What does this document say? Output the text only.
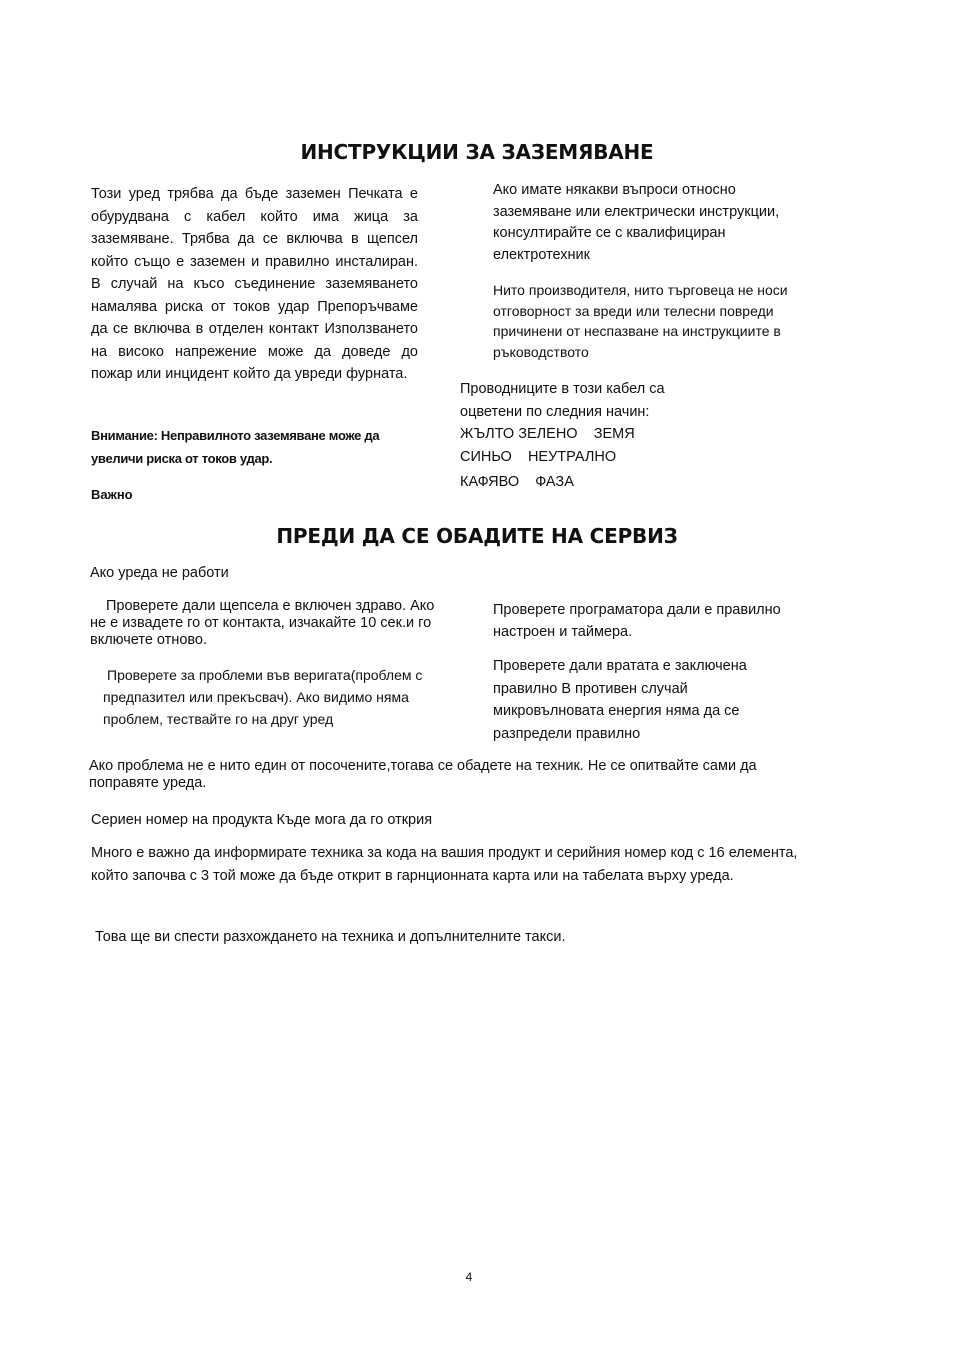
ИНСТРУКЦИИ ЗА ЗАЗЕМЯВАНЕ
Този уред трябва да бъде заземен Печката е обурудвана с кабел който има жица за заземяване. Трябва да се включва в щепсел който също е заземен и правилно инсталиран. В случай на късо съединение заземяването намалява риска от токов удар Препоръчваме да се включва в отделен контакт Използването на високо напрежение може да доведе до пожар или инцидент който да увреди фурната.
Внимание: Неправилното заземяване може да увеличи риска от токов удар.
Важно
Ако имате някакви въпроси относно заземяване или електрически инструкции, консултирайте се с квалифициран електротехник
Нито производителя, нито търговеца не носи отговорност за вреди или телесни повреди причинени от неспазване на инструкциите в ръководството
Проводниците в този кабел са
оцветени по следния начин:
ЖЪЛТО ЗЕЛЕНО    ЗЕМЯ
СИНЬО    НЕУТРАЛНО
КАФЯВО    ФАЗА
ПРЕДИ ДА СЕ ОБАДИТЕ НА СЕРВИЗ
Ако уреда не работи
Проверете дали щепсела е включен здраво. Ако не е извадете го от контакта, изчакайте 10 сек.и го включете отново.
Проверете за проблеми във веригата(проблем с предпазител или прекъсвач). Ако видимо няма проблем, тествайте го на друг уред
Проверете програматора дали е правилно настроен и таймера.
Проверете дали вратата е заключена правилно В противен случай микровълновата енергия няма да се разпредели правилно
Ако проблема не е нито един от посочените,тогава се обадете на техник. Не се опитвайте сами да поправяте уреда.
Сериен номер на продукта Къде мога да го открия
Много е важно да информирате техника за кода на вашия продукт и серийния номер код с 16 елемента, който започва с 3 той може да бъде открит в гарнционната карта или на табелата върху уреда.
Това ще ви спести разхождането на техника и допълнителните такси.
4
